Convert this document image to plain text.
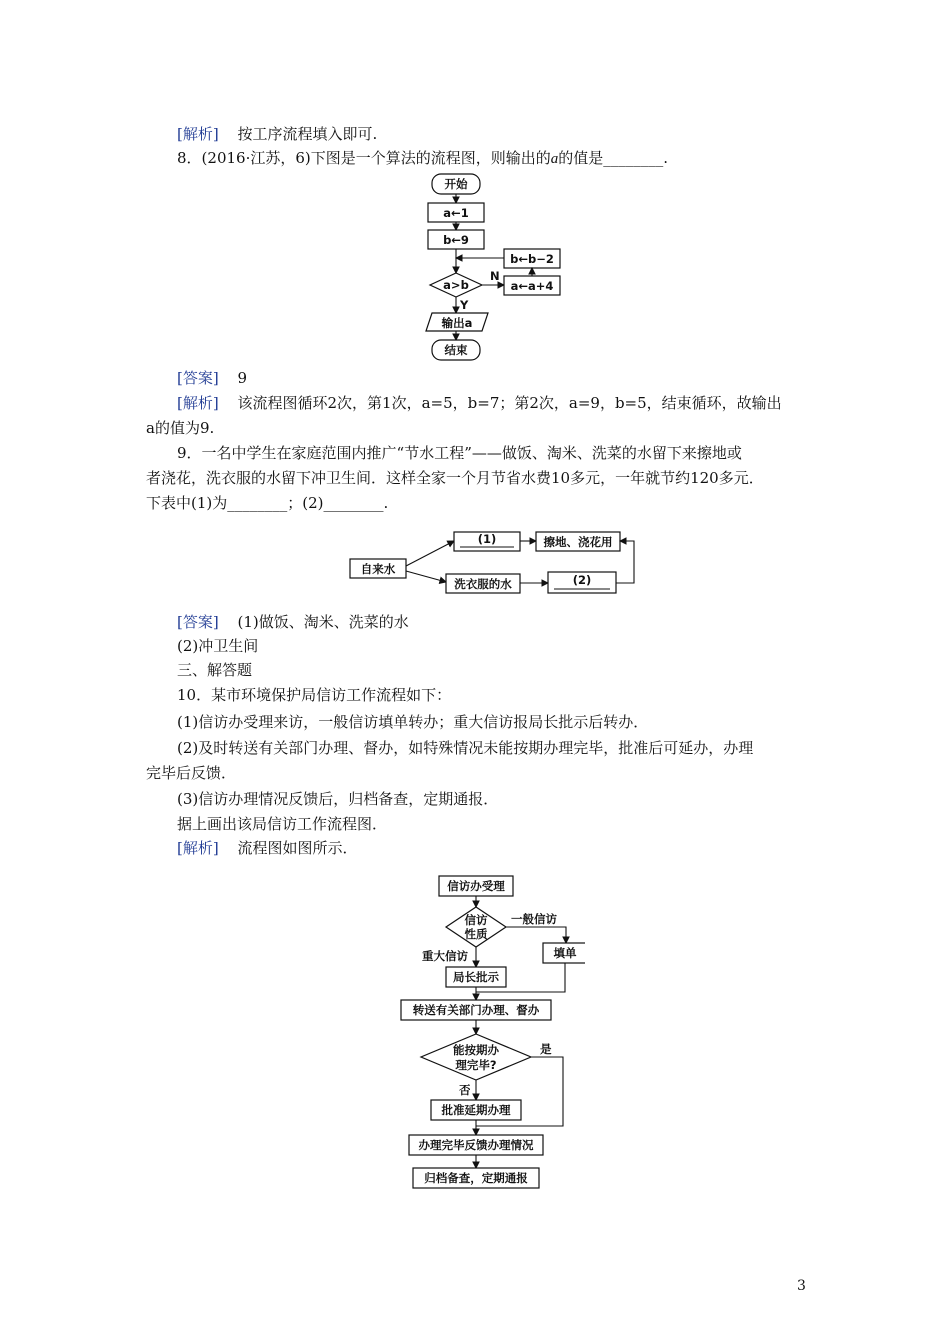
[解析] 按工序流程填入即可.
8．(2016·江苏，6)下图是一个算法的流程图，则输出的a的值是________.
开始
a←1
b←9
b←b−2
a>b
N
a←a+4
Y
输出a
结束
[答案] 9
[解析] 该流程图循环2次，第1次，a=5，b=7；第2次，a=9，b=5，结束循环，故输出
a的值为9.
9．一名中学生在家庭范围内推广“节水工程”——做饭、淘米、洗菜的水留下来擦地或
者浇花，洗衣服的水留下冲卫生间．这样全家一个月节省水费10多元，一年就节约120多元．
下表中(1)为________；(2)________.
自来水
(1)	擦地、浇花用
洗衣服的水	(2)
[答案] (1)做饭、淘米、洗菜的水
(2)冲卫生间
三、解答题
10．某市环境保护局信访工作流程如下：
(1)信访办受理来访，一般信访填单转办；重大信访报局长批示后转办．
(2)及时转送有关部门办理、督办，如特殊情况未能按期办理完毕，批准后可延办，办理
完毕后反馈．
(3)信访办理情况反馈后，归档备查，定期通报．
据上画出该局信访工作流程图．
[解析] 流程图如图所示．
信访办受理
信访
性质
一般信访
填单
重大信访
局长批示
转送有关部门办理、督办
能按期办
理完毕?
是
否
批准延期办理
办理完毕反馈办理情况
归档备查，定期通报
3
